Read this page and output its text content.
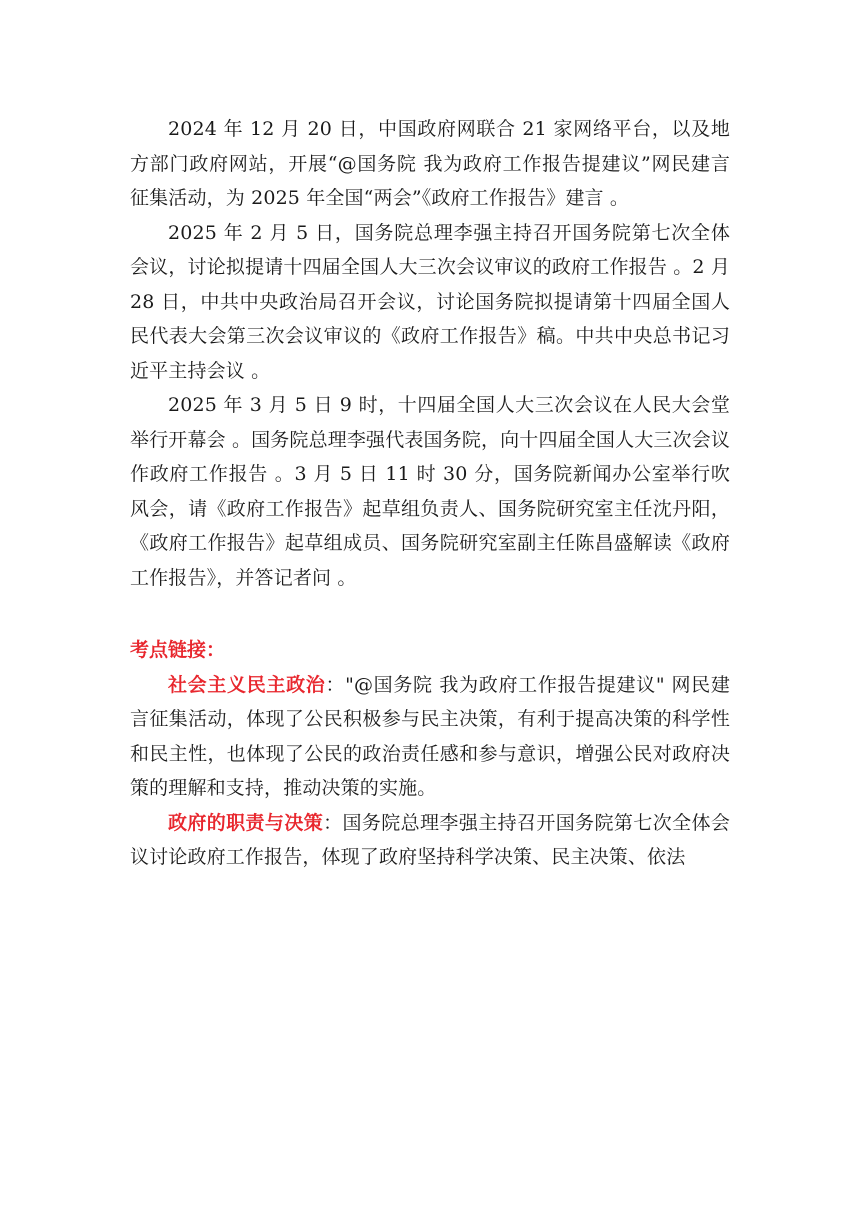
2024 年 12 月 20 日，中国政府网联合 21 家网络平台，以及地方部门政府网站，开展“@国务院 我为政府工作报告提建议”网民建言征集活动，为 2025 年全国“两会”《政府工作报告》建言 。

2025 年 2 月 5 日，国务院总理李强主持召开国务院第七次全体会议，讨论拟提请十四届全国人大三次会议审议的政府工作报告 。2 月 28 日，中共中央政治局召开会议，讨论国务院拟提请第十四届全国人民代表大会第三次会议审议的《政府工作报告》稿。中共中央总书记习近平主持会议 。

2025 年 3 月 5 日 9 时，十四届全国人大三次会议在人民大会堂举行开幕会 。国务院总理李强代表国务院，向十四届全国人大三次会议作政府工作报告 。3 月 5 日 11 时 30 分，国务院新闻办公室举行吹风会，请《政府工作报告》起草组负责人、国务院研究室主任沈丹阳，《政府工作报告》起草组成员、国务院研究室副主任陈昌盛解读《政府工作报告》，并答记者问 。

考点链接：

社会主义民主政治："@国务院 我为政府工作报告提建议" 网民建言征集活动，体现了公民积极参与民主决策，有利于提高决策的科学性和民主性，也体现了公民的政治责任感和参与意识，增强公民对政府决策的理解和支持，推动决策的实施。

政府的职责与决策：国务院总理李强主持召开国务院第七次全体会议讨论政府工作报告，体现了政府坚持科学决策、民主决策、依法
